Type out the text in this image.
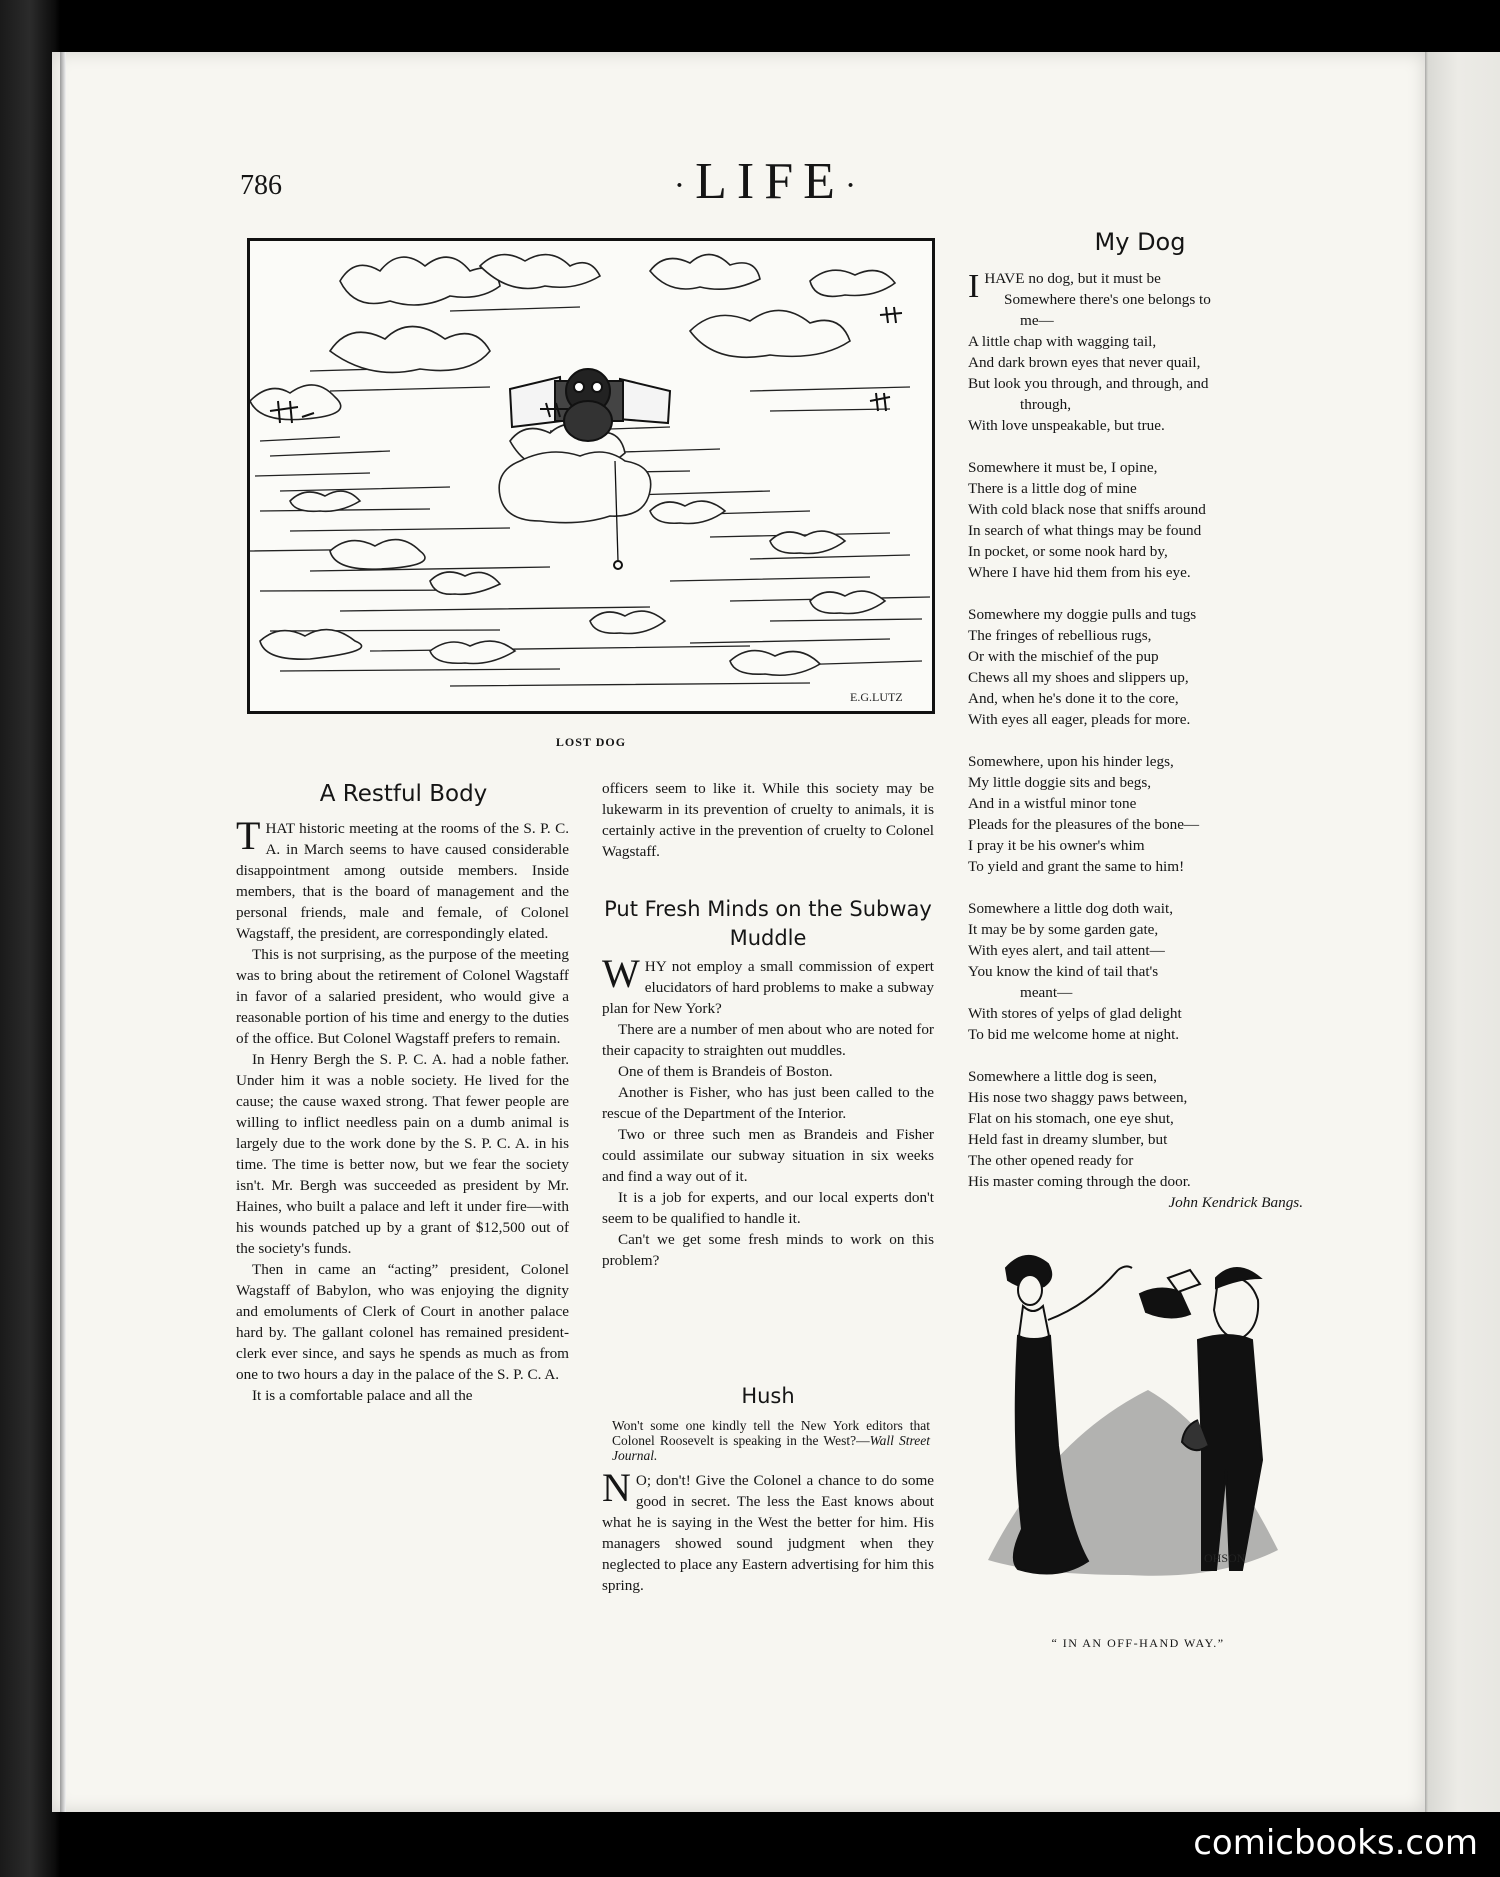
786	·LIFE·
E.G.LUTZ
LOST DOG
A Restful Body

THAT historic meeting at the rooms of the S. P. C. A. in March seems to have caused considerable disappointment among outside members. Inside members, that is the board of management and the personal friends, male and female, of Colonel Wagstaff, the president, are correspondingly elated.

This is not surprising, as the purpose of the meeting was to bring about the retirement of Colonel Wagstaff in favor of a salaried president, who would give a reasonable portion of his time and energy to the duties of the office. But Colonel Wagstaff prefers to remain.

In Henry Bergh the S. P. C. A. had a noble father. Under him it was a noble society. He lived for the cause; the cause waxed strong. That fewer people are willing to inflict needless pain on a dumb animal is largely due to the work done by the S. P. C. A. in his time. The time is better now, but we fear the society isn't. Mr. Bergh was succeeded as president by Mr. Haines, who built a palace and left it under fire—with his wounds patched up by a grant of $12,500 out of the society's funds.

Then in came an “acting” president, Colonel Wagstaff of Babylon, who was enjoying the dignity and emoluments of Clerk of Court in another palace hard by. The gallant colonel has remained president-clerk ever since, and says he spends as much as from one to two hours a day in the palace of the S. P. C. A.

It is a comfortable palace and all the

officers seem to like it. While this society may be lukewarm in its prevention of cruelty to animals, it is certainly active in the prevention of cruelty to Colonel Wagstaff.

Put Fresh Minds on the Subway
Muddle

WHY not employ a small commission of expert elucidators of hard problems to make a subway plan for New York?

There are a number of men about who are noted for their capacity to straighten out muddles.

One of them is Brandeis of Boston.

Another is Fisher, who has just been called to the rescue of the Department of the Interior.

Two or three such men as Brandeis and Fisher could assimilate our subway situation in six weeks and find a way out of it.

It is a job for experts, and our local experts don't seem to be qualified to handle it.

Can't we get some fresh minds to work on this problem?

Hush

Won't some one kindly tell the New York editors that Colonel Roosevelt is speaking in the West?—Wall Street Journal.

N O; don't! Give the Colonel a chance to do some good in secret. The less the East knows about what he is saying in the West the better for him. His managers showed sound judgment when they neglected to place any Eastern advertising for him this spring.

My Dog
IHAVE no dog, but it must be
Somewhere there's one belongs to
me—
A little chap with wagging tail,
And dark brown eyes that never quail,
But look you through, and through, and
through,
With love unspeakable, but true.
Somewhere it must be, I opine,
There is a little dog of mine
With cold black nose that sniffs around
In search of what things may be found
In pocket, or some nook hard by,
Where I have hid them from his eye.
Somewhere my doggie pulls and tugs
The fringes of rebellious rugs,
Or with the mischief of the pup
Chews all my shoes and slippers up,
And, when he's done it to the core,
With eyes all eager, pleads for more.
Somewhere, upon his hinder legs,
My little doggie sits and begs,
And in a wistful minor tone
Pleads for the pleasures of the bone—
I pray it be his owner's whim
To yield and grant the same to him!
Somewhere a little dog doth wait,
It may be by some garden gate,
With eyes alert, and tail attent—
You know the kind of tail that's
meant—
With stores of yelps of glad delight
To bid me welcome home at night.
Somewhere a little dog is seen,
His nose two shaggy paws between,
Flat on his stomach, one eye shut,
Held fast in dreamy slumber, but
The other opened ready for
His master coming through the door.
John Kendrick Bangs.
OHSON
“ IN AN OFF-HAND WAY.”
comicbooks.com
